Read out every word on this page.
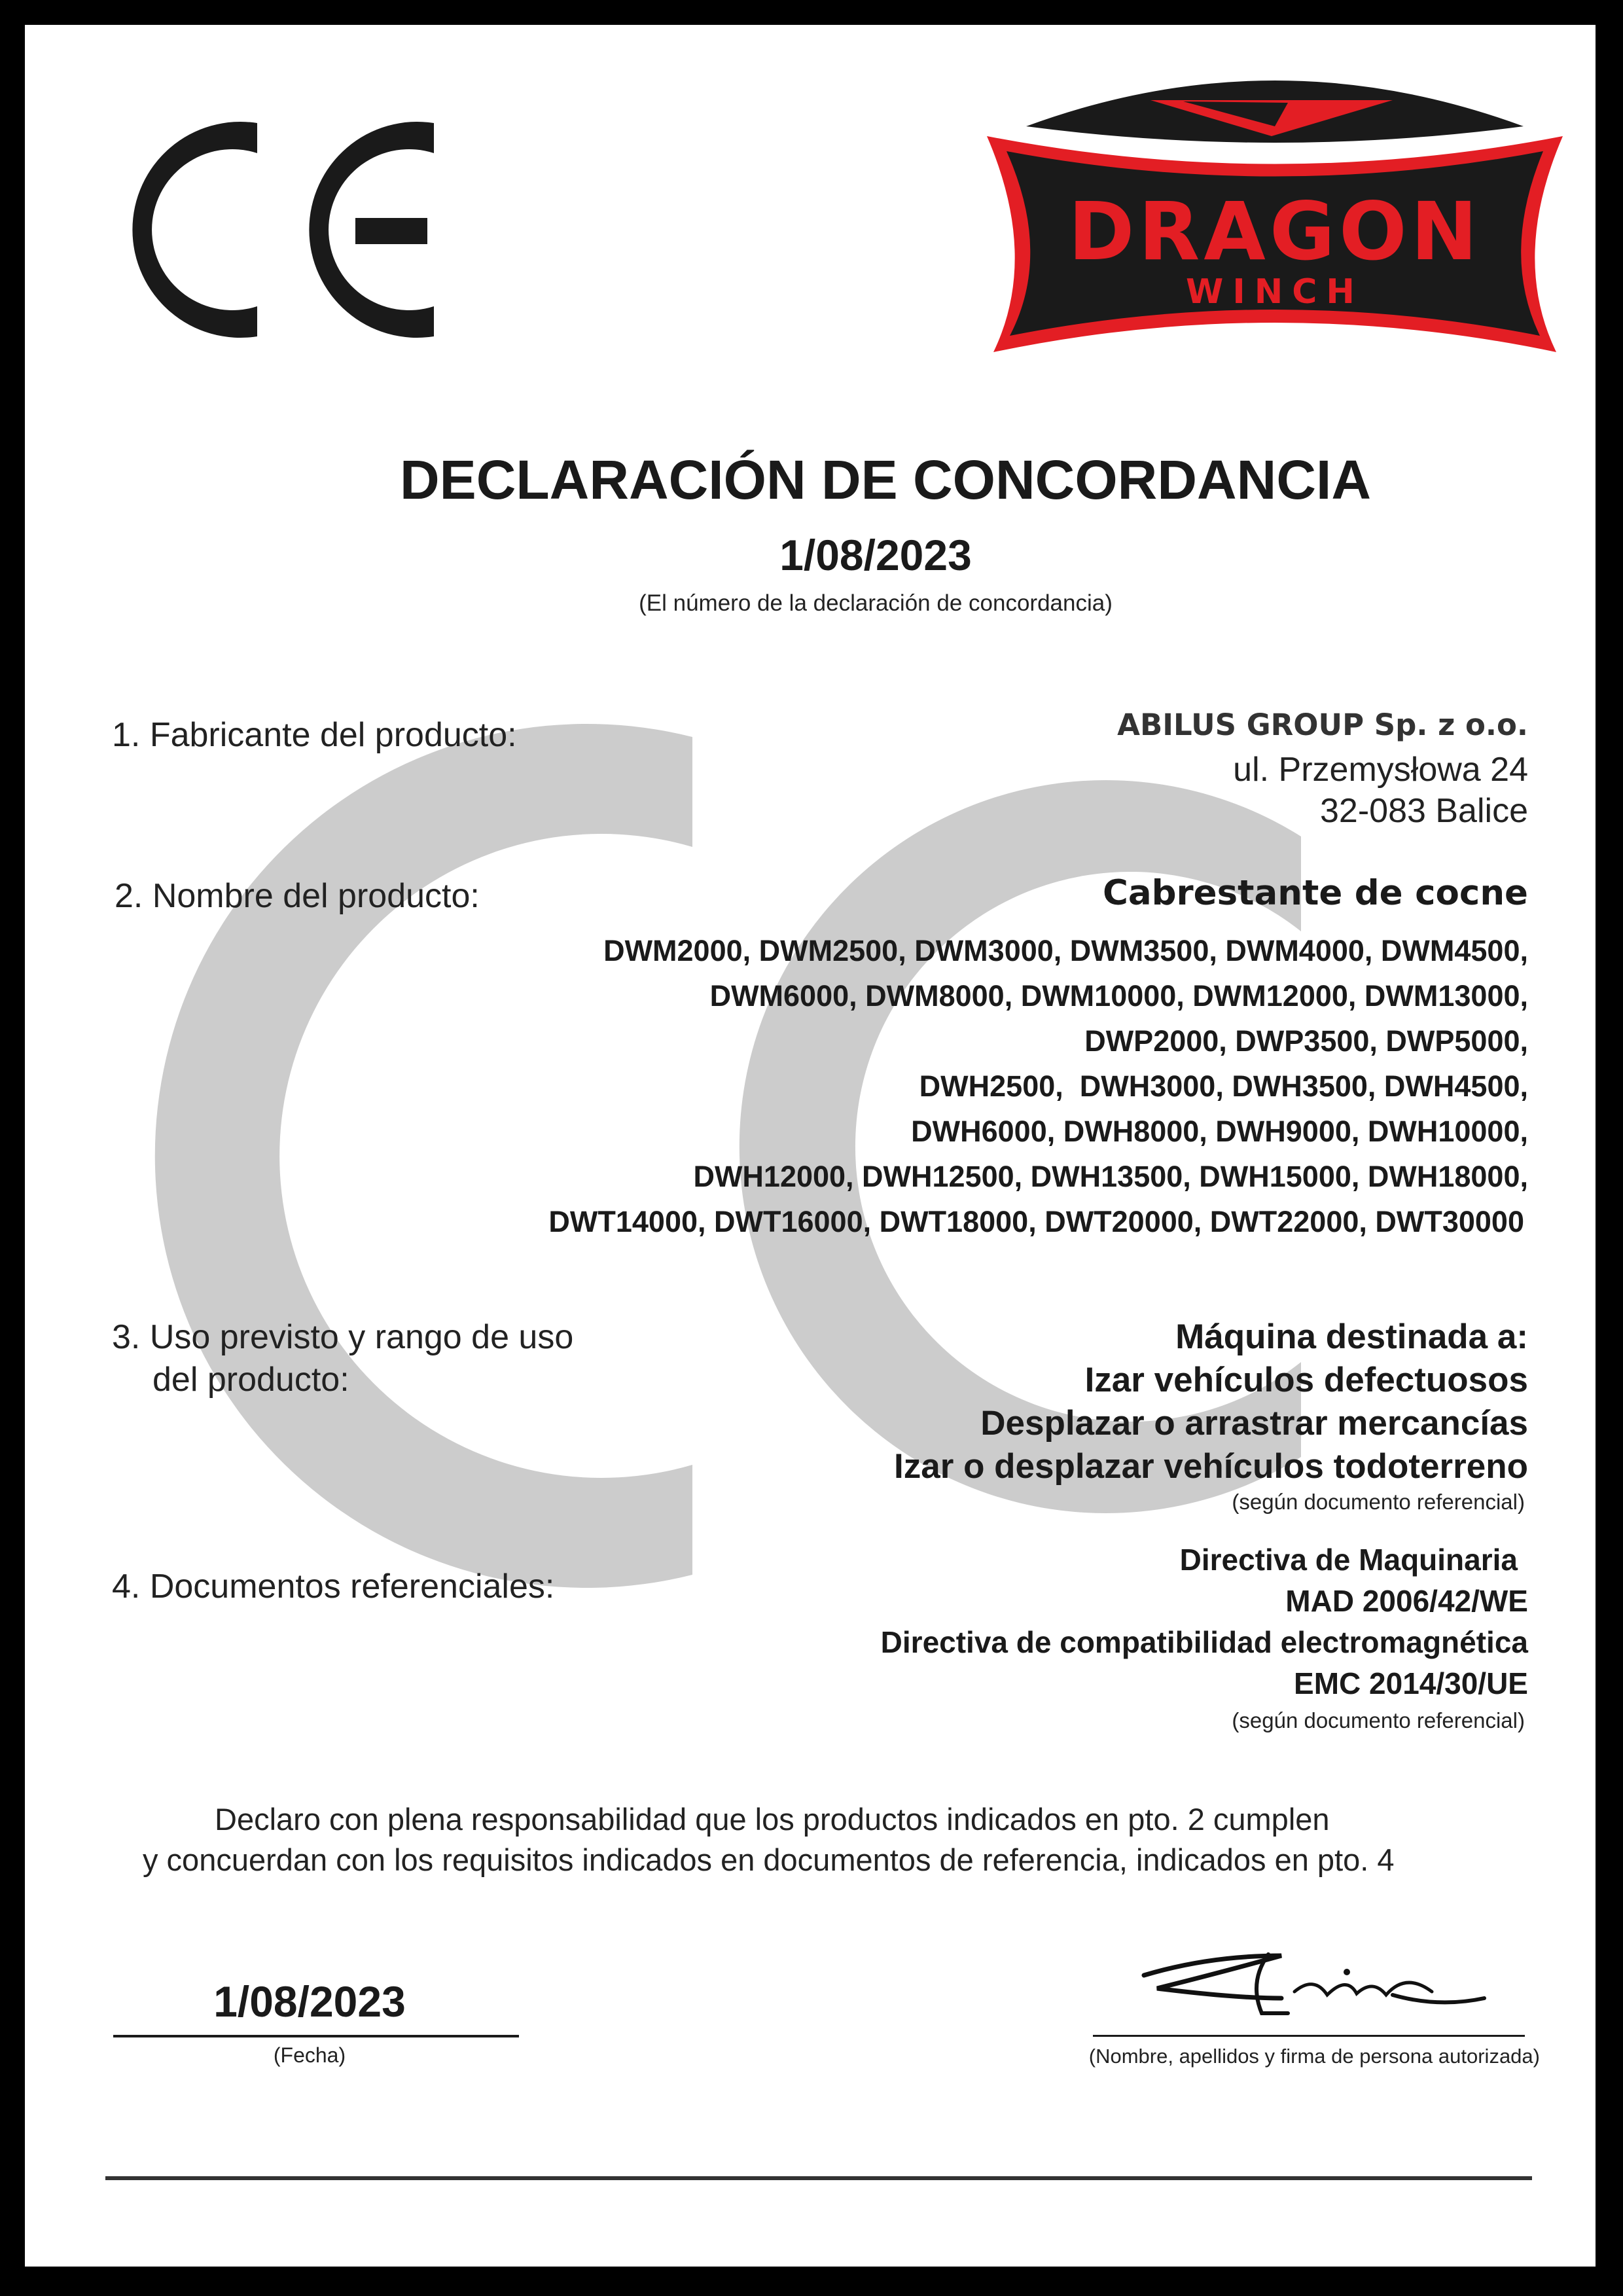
CE
DRAGON
WINCH
DECLARACIÓN DE CONCORDANCIA
1/08/2023
(El número de la declaración de concordancia)
1. Fabricante del producto:	ABILUS GROUP Sp. z o.o.
ul. Przemysłowa 24
32-083 Balice
2. Nombre del producto:	Cabrestante de cocne
DWM2000, DWM2500, DWM3000, DWM3500, DWM4000, DWM4500,
DWM6000, DWM8000, DWM10000, DWM12000, DWM13000,
DWP2000, DWP3500, DWP5000,
DWH2500,  DWH3000, DWH3500, DWH4500,
DWH6000, DWH8000, DWH9000, DWH10000,
DWH12000, DWH12500, DWH13500, DWH15000, DWH18000,
DWT14000, DWT16000, DWT18000, DWT20000, DWT22000, DWT30000
3. Uso previsto y rango de uso
del producto:
Máquina destinada a:
Izar vehículos defectuosos
Desplazar o arrastrar mercancías
Izar o desplazar vehículos todoterreno
(según documento referencial)
4. Documentos referenciales:
Directiva de Maquinaria
MAD 2006/42/WE
Directiva de compatibilidad electromagnética
EMC 2014/30/UE
(según documento referencial)
Declaro con plena responsabilidad que los productos indicados en pto. 2 cumplen
y concuerdan con los requisitos indicados en documentos de referencia, indicados en pto. 4
1/08/2023
(Fecha)	(Nombre, apellidos y firma de persona autorizada)
